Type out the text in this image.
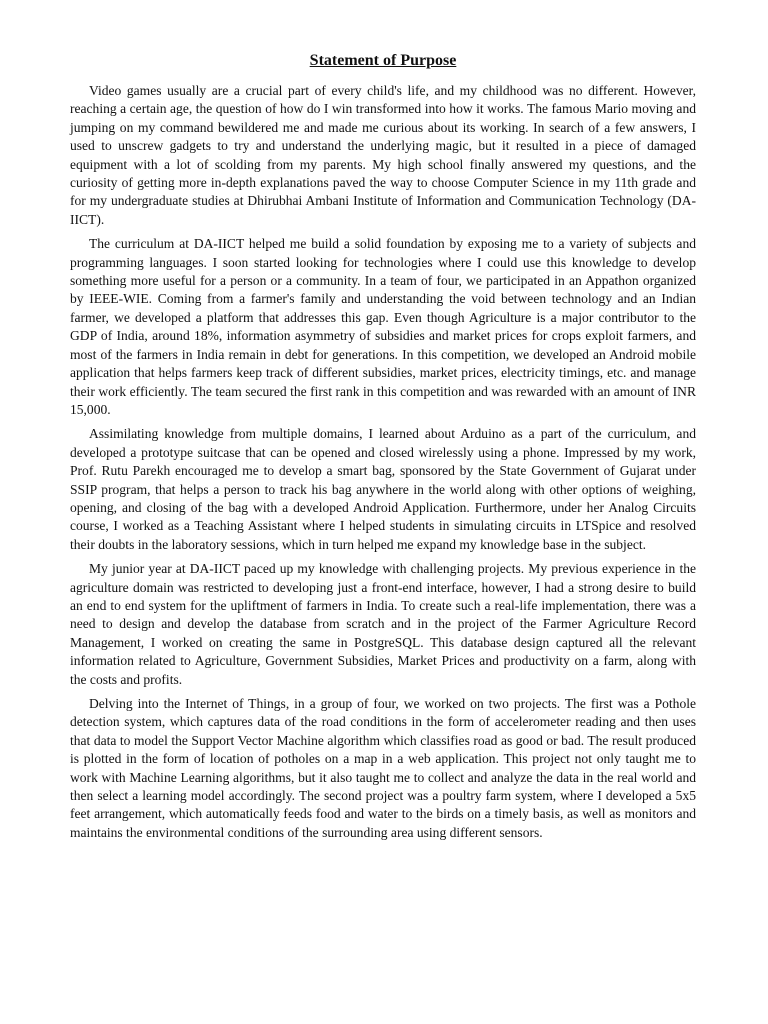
Statement of Purpose

Video games usually are a crucial part of every child's life, and my childhood was no different. However, reaching a certain age, the question of how do I win transformed into how it works. The famous Mario moving and jumping on my command bewildered me and made me curious about its working. In search of a few answers, I used to unscrew gadgets to try and understand the underlying magic, but it resulted in a piece of damaged equipment with a lot of scolding from my parents. My high school finally answered my questions, and the curiosity of getting more in-depth explanations paved the way to choose Computer Science in my 11th grade and for my undergraduate studies at Dhirubhai Ambani Institute of Information and Communication Technology (DA-IICT).

The curriculum at DA-IICT helped me build a solid foundation by exposing me to a variety of subjects and programming languages. I soon started looking for technologies where I could use this knowledge to develop something more useful for a person or a community. In a team of four, we participated in an Appathon organized by IEEE-WIE. Coming from a farmer's family and understanding the void between technology and an Indian farmer, we developed a platform that addresses this gap. Even though Agriculture is a major contributor to the GDP of India, around 18%, information asymmetry of subsidies and market prices for crops exploit farmers, and most of the farmers in India remain in debt for generations. In this competition, we developed an Android mobile application that helps farmers keep track of different subsidies, market prices, electricity timings, etc. and manage their work efficiently. The team secured the first rank in this competition and was rewarded with an amount of INR 15,000.

Assimilating knowledge from multiple domains, I learned about Arduino as a part of the curriculum, and developed a prototype suitcase that can be opened and closed wirelessly using a phone. Impressed by my work, Prof. Rutu Parekh encouraged me to develop a smart bag, sponsored by the State Government of Gujarat under SSIP program, that helps a person to track his bag anywhere in the world along with other options of weighing, opening, and closing of the bag with a developed Android Application. Furthermore, under her Analog Circuits course, I worked as a Teaching Assistant where I helped students in simulating circuits in LTSpice and resolved their doubts in the laboratory sessions, which in turn helped me expand my knowledge base in the subject.

My junior year at DA-IICT paced up my knowledge with challenging projects. My previous experience in the agriculture domain was restricted to developing just a front-end interface, however, I had a strong desire to build an end to end system for the upliftment of farmers in India. To create such a real-life implementation, there was a need to design and develop the database from scratch and in the project of the Farmer Agriculture Record Management, I worked on creating the same in PostgreSQL. This database design captured all the relevant information related to Agriculture, Government Subsidies, Market Prices and productivity on a farm, along with the costs and profits.

Delving into the Internet of Things, in a group of four, we worked on two projects. The first was a Pothole detection system, which captures data of the road conditions in the form of accelerometer reading and then uses that data to model the Support Vector Machine algorithm which classifies road as good or bad. The result produced is plotted in the form of location of potholes on a map in a web application. This project not only taught me to work with Machine Learning algorithms, but it also taught me to collect and analyze the data in the real world and then select a learning model accordingly. The second project was a poultry farm system, where I developed a 5x5 feet arrangement, which automatically feeds food and water to the birds on a timely basis, as well as monitors and maintains the environmental conditions of the surrounding area using different sensors.
